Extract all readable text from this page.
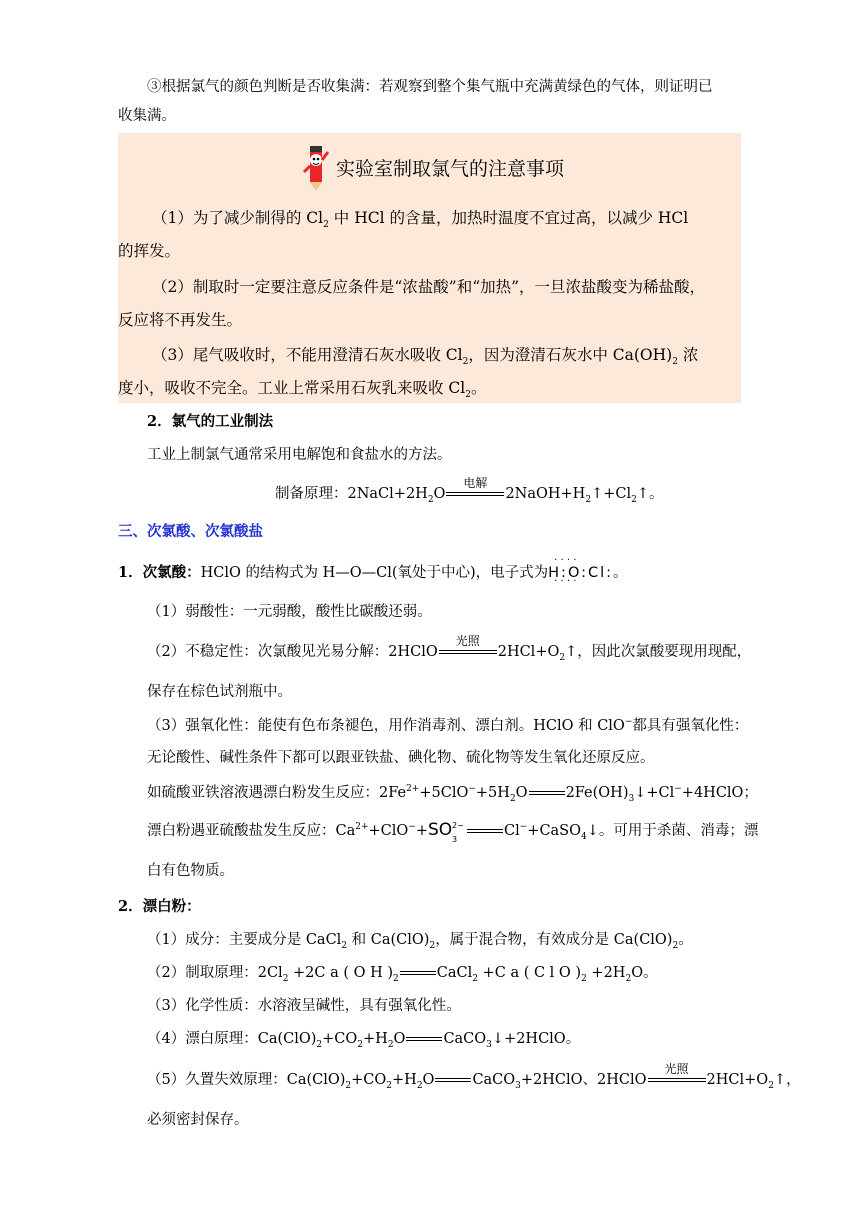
③根据氯气的颜色判断是否收集满：若观察到整个集气瓶中充满黄绿色的气体，则证明已
收集满。
实验室制取氯气的注意事项
（1）为了减少制得的 $Cl_2$ 中 HCl 的含量，加热时温度不宜过高，以减少 HCl
的挥发。
（2）制取时一定要注意反应条件是“浓盐酸”和“加热”，一旦浓盐酸变为稀盐酸，
反应将不再发生。
（3）尾气吸收时，不能用澄清石灰水吸收 $Cl_2$，因为澄清石灰水中 $Ca(OH)_2$ 浓
度小，吸收不完全。工业上常采用石灰乳来吸收 $Cl_2$。
2．氯气的工业制法
工业上制氯气通常采用电解饱和食盐水的方法。
制备原理：$2NaCl+2H_2O$
电解
$2NaOH+H_2↑+Cl_2↑$。
三、次氯酸、次氯酸盐
1．次氯酸：HClO 的结构式为 H—O—Cl(氧处于中心)，电子式为· · · · H:O:Cl: · · · ·。
（1）弱酸性：一元弱酸，酸性比碳酸还弱。
（2）不稳定性：次氯酸见光易分解：2HClO
光照
$2HCl+O_2↑$，因此次氯酸要现用现配，
保存在棕色试剂瓶中。
（3）强氧化性：能使有色布条褪色，用作消毒剂、漂白剂。HClO 和 ClO−都具有强氧化性：
无论酸性、碱性条件下都可以跟亚铁盐、碘化物、硫化物等发生氧化还原反应。
如硫酸亚铁溶液遇漂白粉发生反应：$2Fe^{2+}+5ClO^-+5H_2O$	$2Fe(OH)_3↓+Cl^-+4HClO$；
漂白粉遇亚硫酸盐发生反应：$Ca^{2+}+ClO^-+SO$ 2−
3
Cl−+CaSO$_4$↓。可用于杀菌、消毒；漂
白有色物质。
2．漂白粉：
（1）成分：主要成分是 CaCl$_2$ 和 $Ca(ClO)_2$，属于混合物，有效成分是 $Ca(ClO)_2$。
（2）制取原理：$2Cl_2 +2C$ a ( O H )$_2$	CaCl$_2$ +C a ( C l O )$_2 +2H_2O$。
（3）化学性质：水溶液呈碱性，具有强氧化性。
（4）漂白原理：$Ca(ClO)_2+CO_2+H_2O$	CaCO$_3$↓+2HClO。
（5）久置失效原理：$Ca(ClO)_2+CO_2+H_2O$	CaCO$_3$+2HClO、2HClO
光照
$2HCl+O_2↑$，
必须密封保存。
